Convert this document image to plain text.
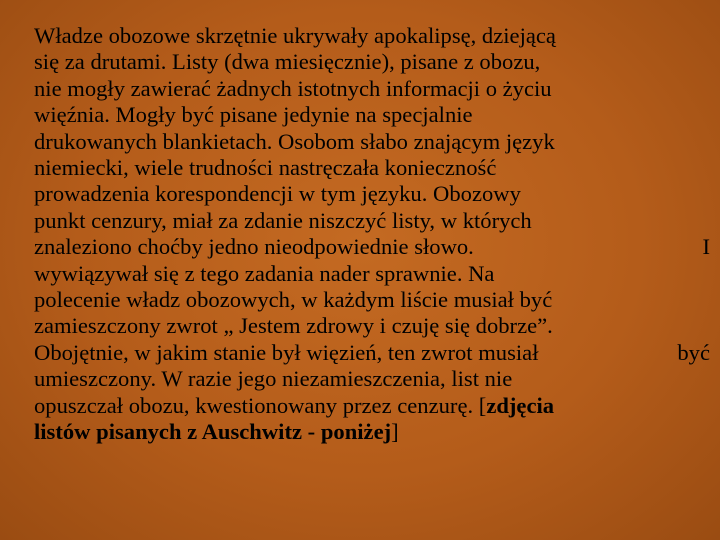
Władze obozowe skrzętnie ukrywały apokalipsę, dziejącą
się za drutami. Listy (dwa miesięcznie), pisane z obozu,
nie mogły zawierać żadnych istotnych informacji o życiu
więźnia. Mogły być pisane jedynie na specjalnie
drukowanych blankietach. Osobom słabo znającym język
niemiecki, wiele trudności nastręczała konieczność
prowadzenia korespondencji w tym języku. Obozowy
punkt cenzury, miał za zdanie niszczyć listy, w których
znaleziono choćby jedno nieodpowiednie słowo.	I
wywiązywał się z tego zadania nader sprawnie. Na
polecenie władz obozowych, w każdym liście musiał być
zamieszczony zwrot „ Jestem zdrowy i czuję się dobrze”.
Obojętnie, w jakim stanie był więzień, ten zwrot musiał	być
umieszczony. W razie jego niezamieszczenia, list nie
opuszczał obozu, kwestionowany przez cenzurę. [zdjęcia
listów pisanych z Auschwitz - poniżej]
